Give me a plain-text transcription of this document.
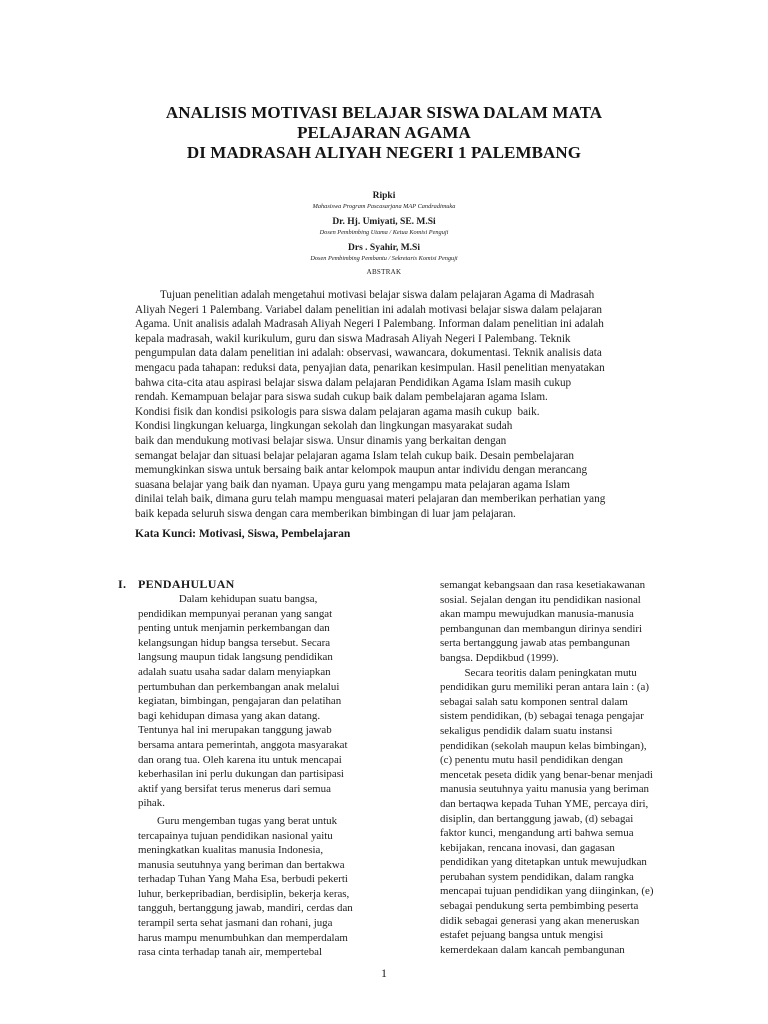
ANALISIS MOTIVASI BELAJAR SISWA DALAM MATA
PELAJARAN AGAMA
DI MADRASAH ALIYAH NEGERI 1 PALEMBANG
Ripki
Mahasiswa Program Pascasarjana MAP Candradimuka
Dr. Hj. Umiyati, SE. M.Si
Dosen Pembimbing Utama / Ketua Komisi Penguji
Drs . Syahir, M.Si
Dosen Pembimbing Pembantu / Sekretaris Komisi Penguji
ABSTRAK
Tujuan penelitian adalah mengetahui motivasi belajar siswa dalam pelajaran Agama di Madrasah
Aliyah Negeri 1 Palembang. Variabel dalam penelitian ini adalah motivasi belajar siswa dalam pelajaran
Agama. Unit analisis adalah Madrasah Aliyah Negeri I Palembang. Informan dalam penelitian ini adalah
kepala madrasah, wakil kurikulum, guru dan siswa Madrasah Aliyah Negeri I Palembang. Teknik
pengumpulan data dalam penelitian ini adalah: observasi, wawancara, dokumentasi. Teknik analisis data
mengacu pada tahapan: reduksi data, penyajian data, penarikan kesimpulan. Hasil penelitian menyatakan
bahwa cita-cita atau aspirasi belajar siswa dalam pelajaran Pendidikan Agama Islam masih cukup
rendah. Kemampuan belajar para siswa sudah cukup baik dalam pembelajaran agama Islam.
Kondisi fisik dan kondisi psikologis para siswa dalam pelajaran agama masih cukup  baik.
Kondisi lingkungan keluarga, lingkungan sekolah dan lingkungan masyarakat sudah
baik dan mendukung motivasi belajar siswa. Unsur dinamis yang berkaitan dengan
semangat belajar dan situasi belajar pelajaran agama Islam telah cukup baik. Desain pembelajaran
memungkinkan siswa untuk bersaing baik antar kelompok maupun antar individu dengan merancang
suasana belajar yang baik dan nyaman. Upaya guru yang mengampu mata pelajaran agama Islam
dinilai telah baik, dimana guru telah mampu menguasai materi pelajaran dan memberikan perhatian yang
baik kepada seluruh siswa dengan cara memberikan bimbingan di luar jam pelajaran.
Kata Kunci: Motivasi, Siswa, Pembelajaran
I. PENDAHULUAN
Dalam kehidupan suatu bangsa,
pendidikan mempunyai peranan yang sangat
penting untuk menjamin perkembangan dan
kelangsungan hidup bangsa tersebut. Secara
langsung maupun tidak langsung pendidikan
adalah suatu usaha sadar dalam menyiapkan
pertumbuhan dan perkembangan anak melalui
kegiatan, bimbingan, pengajaran dan pelatihan
bagi kehidupan dimasa yang akan datang.
Tentunya hal ini merupakan tanggung jawab
bersama antara pemerintah, anggota masyarakat
dan orang tua. Oleh karena itu untuk mencapai
keberhasilan ini perlu dukungan dan partisipasi
aktif yang bersifat terus menerus dari semua
pihak.
Guru mengemban tugas yang berat untuk
tercapainya tujuan pendidikan nasional yaitu
meningkatkan kualitas manusia Indonesia,
manusia seutuhnya yang beriman dan bertakwa
terhadap Tuhan Yang Maha Esa, berbudi pekerti
luhur, berkepribadian, berdisiplin, bekerja keras,
tangguh, bertanggung jawab, mandiri, cerdas dan
terampil serta sehat jasmani dan rohani, juga
harus mampu menumbuhkan dan memperdalam
rasa cinta terhadap tanah air, mempertebal
semangat kebangsaan dan rasa kesetiakawanan
sosial. Sejalan dengan itu pendidikan nasional
akan mampu mewujudkan manusia-manusia
pembangunan dan membangun dirinya sendiri
serta bertanggung jawab atas pembangunan
bangsa. Depdikbud (1999).
Secara teoritis dalam peningkatan mutu
pendidikan guru memiliki peran antara lain : (a)
sebagai salah satu komponen sentral dalam
sistem pendidikan, (b) sebagai tenaga pengajar
sekaligus pendidik dalam suatu instansi
pendidikan (sekolah maupun kelas bimbingan),
(c) penentu mutu hasil pendidikan dengan
mencetak peseta didik yang benar-benar menjadi
manusia seutuhnya yaitu manusia yang beriman
dan bertaqwa kepada Tuhan YME, percaya diri,
disiplin, dan bertanggung jawab, (d) sebagai
faktor kunci, mengandung arti bahwa semua
kebijakan, rencana inovasi, dan gagasan
pendidikan yang ditetapkan untuk mewujudkan
perubahan system pendidikan, dalam rangka
mencapai tujuan pendidikan yang diinginkan, (e)
sebagai pendukung serta pembimbing peserta
didik sebagai generasi yang akan meneruskan
estafet pejuang bangsa untuk mengisi
kemerdekaan dalam kancah pembangunan
1
